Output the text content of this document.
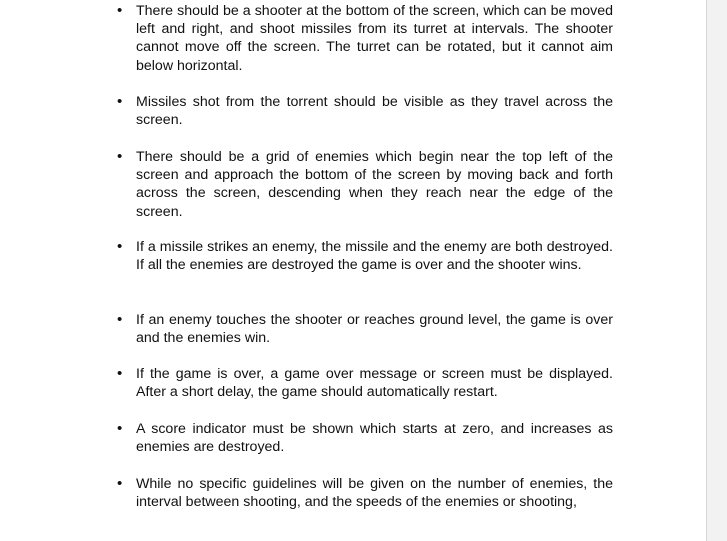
• There should be a shooter at the bottom of the screen, which can be moved left and right, and shoot missiles from its turret at intervals. The shooter cannot move off the screen. The turret can be rotated, but it cannot aim below horizontal.

• Missiles shot from the torrent should be visible as they travel across the screen.

• There should be a grid of enemies which begin near the top left of the screen and approach the bottom of the screen by moving back and forth across the screen, descending when they reach near the edge of the screen.

• If a missile strikes an enemy, the missile and the enemy are both destroyed. If all the enemies are destroyed the game is over and the shooter wins.

• If an enemy touches the shooter or reaches ground level, the game is over and the enemies win.

• If the game is over, a game over message or screen must be displayed. After a short delay, the game should automatically restart.

• A score indicator must be shown which starts at zero, and increases as enemies are destroyed.

• While no specific guidelines will be given on the number of enemies, the interval between shooting, and the speeds of the enemies or shooting,
